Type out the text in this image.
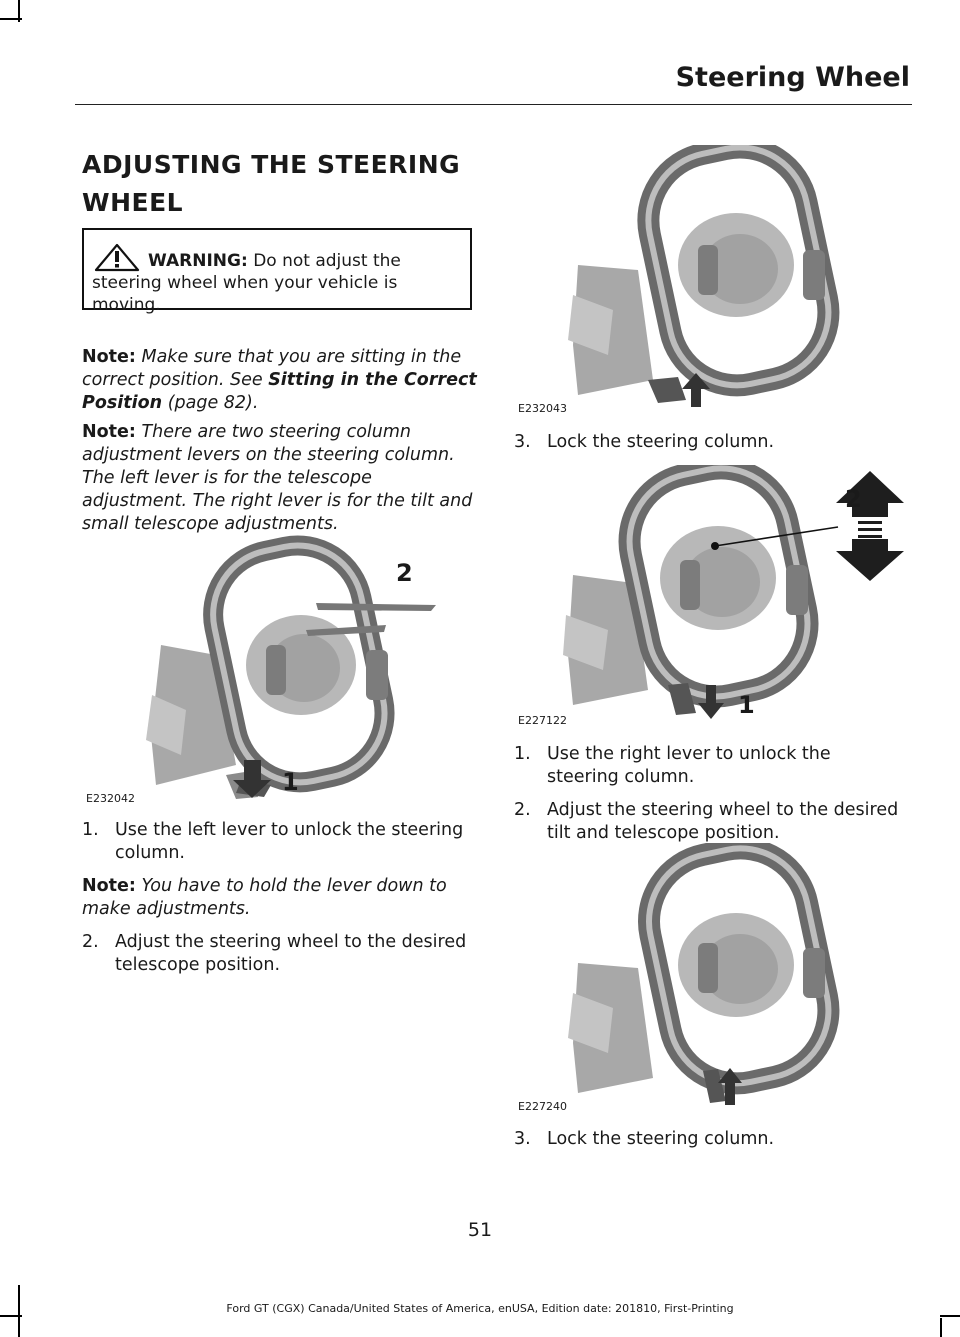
Steering Wheel
ADJUSTING THE STEERING
WHEEL
WARNING: Do not adjust the
steering wheel when your vehicle is
moving.
Note: Make sure that you are sitting in the
correct position. See Sitting in the Correct
Position (page 82).
Note: There are two steering column
adjustment levers on the steering column.
The left lever is for the telescope
adjustment. The right lever is for the tilt and
small telescope adjustments.
2
1
E232042
1. Use the left lever to unlock the steering
column.
Note: You have to hold the lever down to
make adjustments.
2. Adjust the steering wheel to the desired
telescope position.
E232043
3. Lock the steering column.
2
1
E227122
1. Use the right lever to unlock the
steering column.
2. Adjust the steering wheel to the desired
tilt and telescope position.
E227240
3. Lock the steering column.
51
Ford GT (CGX) Canada/United States of America, enUSA, Edition date: 201810, First-Printing
